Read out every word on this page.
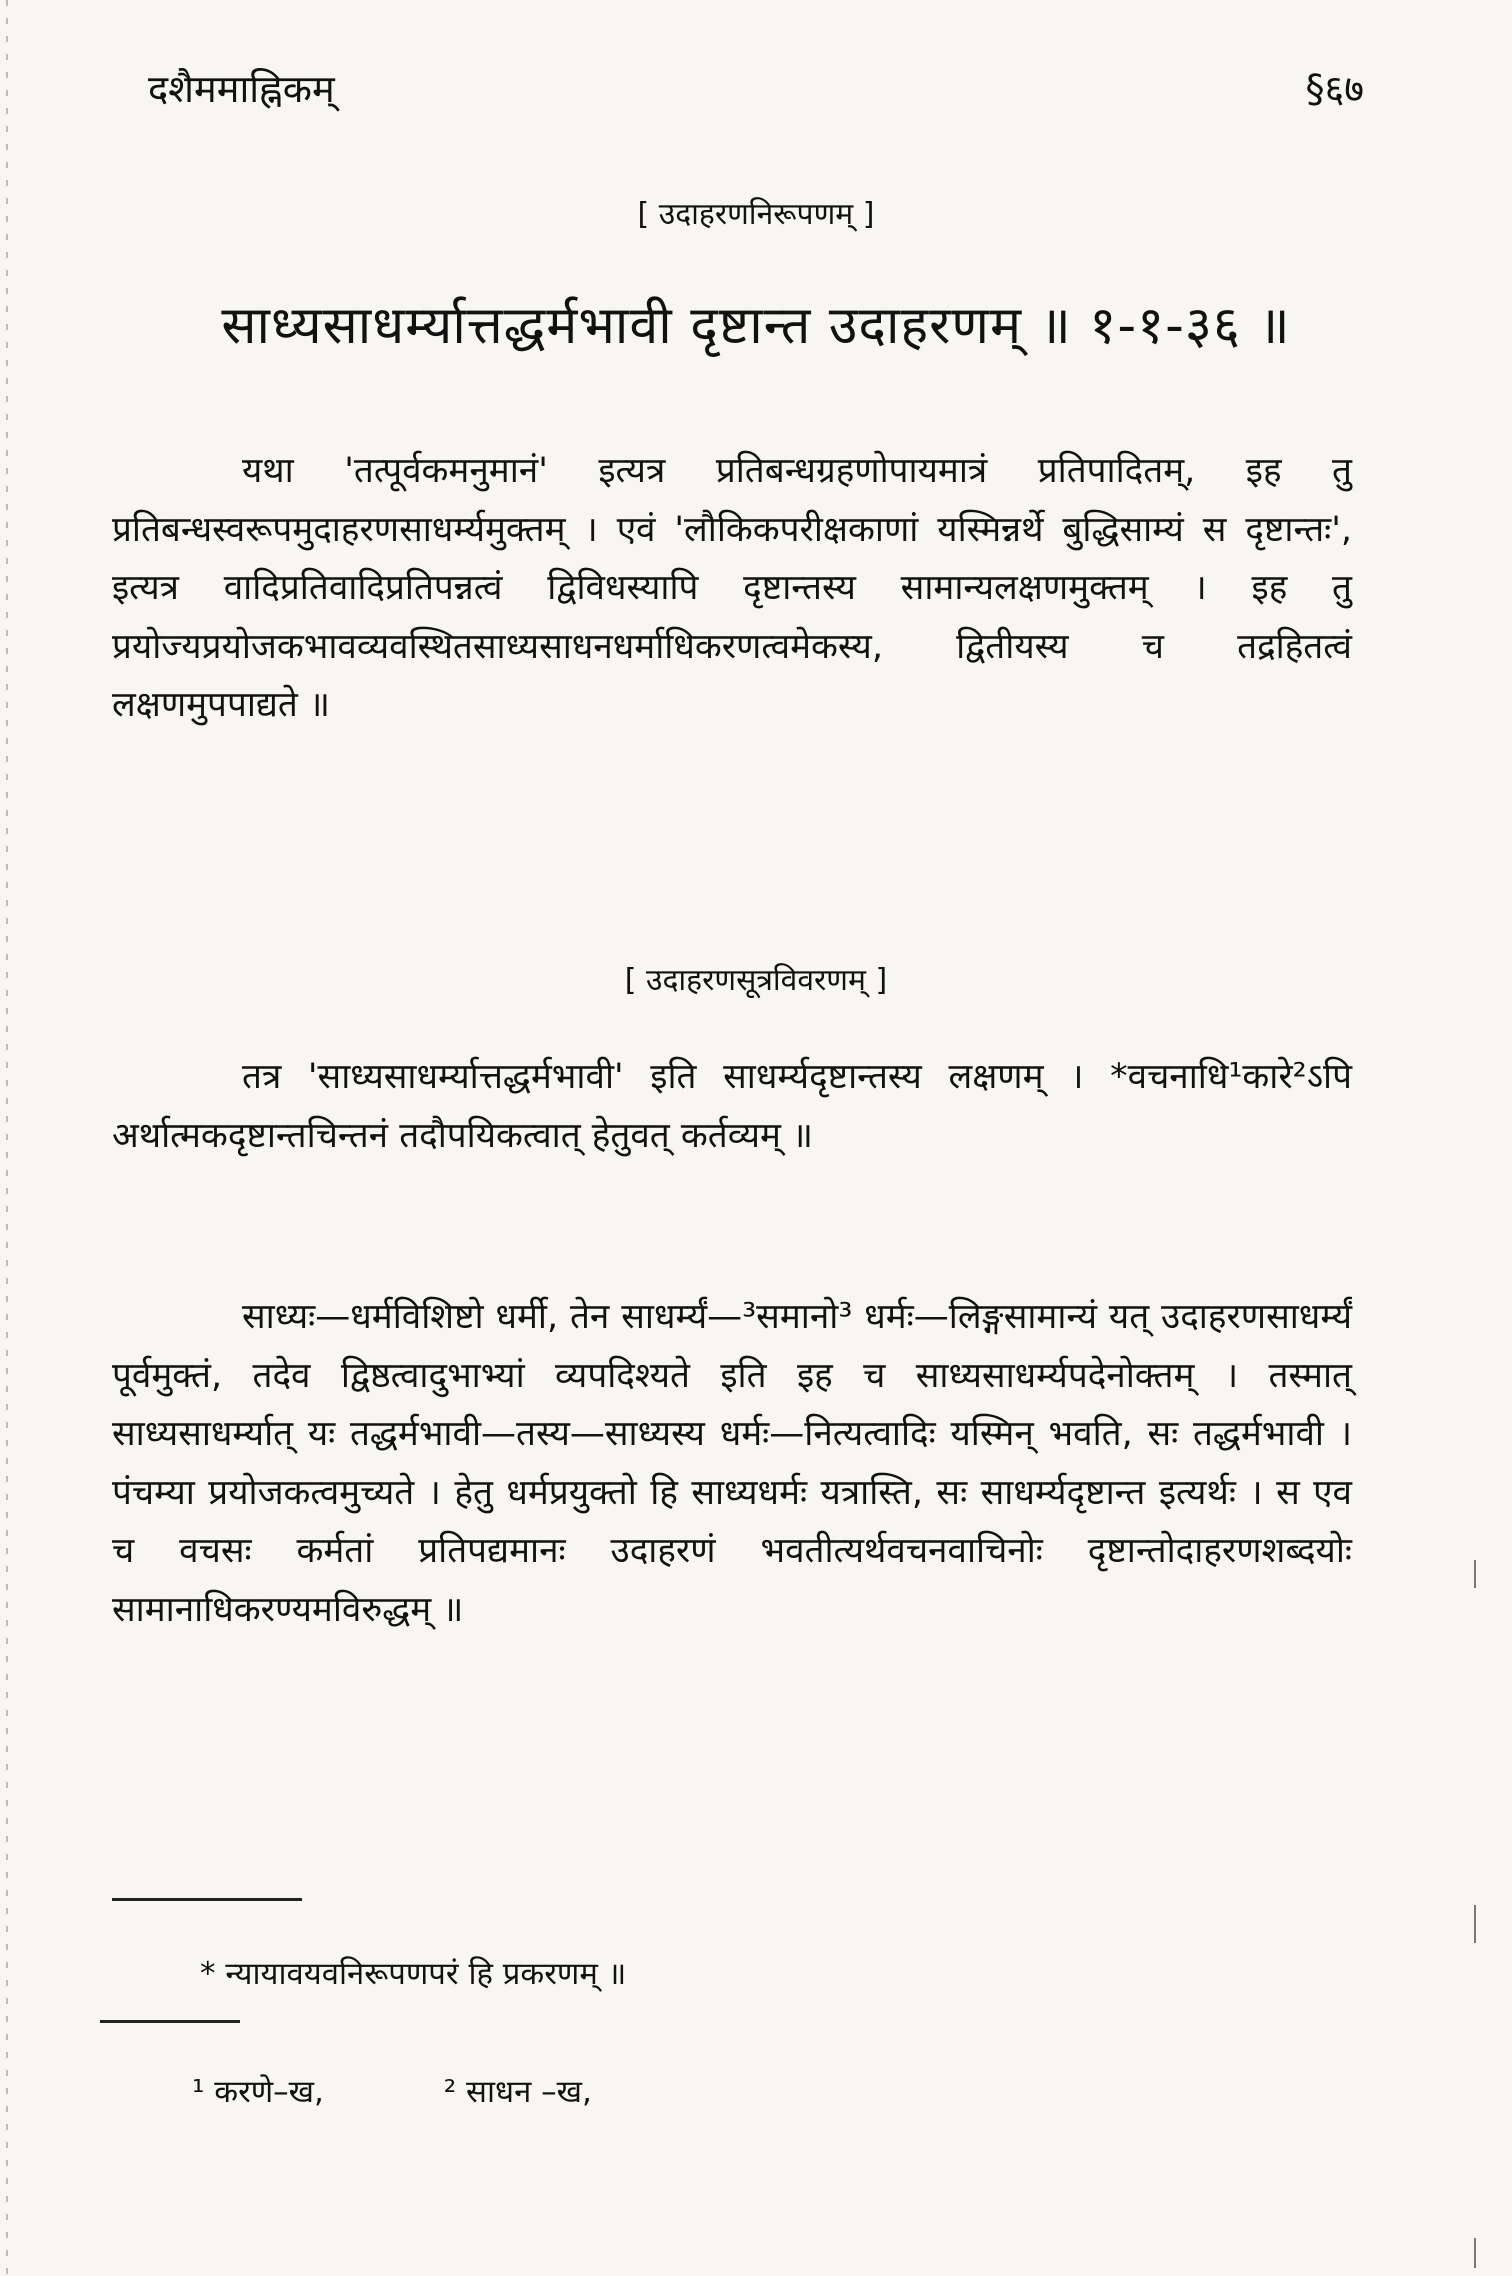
दशैममाह्निकम्	§६७
[ उदाहरणनिरूपणम् ]
साध्यसाधर्म्यात्तद्धर्मभावी दृष्टान्त उदाहरणम् ॥ १-१-३६ ॥

यथा 'तत्पूर्वकमनुमानं' इत्यत्र प्रतिबन्धग्रहणोपायमात्रं प्रतिपादितम्, इह तु प्रतिबन्धस्वरूपमुदाहरणसाधर्म्यमुक्तम् । एवं 'लौकिकपरीक्षकाणां यस्मिन्नर्थे बुद्धिसाम्यं स दृष्टान्तः', इत्यत्र वादिप्रतिवादिप्रतिपन्नत्वं द्विविधस्यापि दृष्टान्तस्य सामान्यलक्षणमुक्तम् । इह तु प्रयोज्यप्रयोजकभावव्यवस्थितसाध्यसाधनधर्माधिकरणत्वमेकस्य, द्वितीयस्य च तद्रहितत्वं लक्षणमुपपाद्यते ॥

[ उदाहरणसूत्रविवरणम् ]

तत्र 'साध्यसाधर्म्यात्तद्धर्मभावी' इति साधर्म्यदृष्टान्तस्य लक्षणम् । *वचनाधि¹कारे²ऽपि अर्थात्मकदृष्टान्तचिन्तनं तदौपयिकत्वात् हेतुवत् कर्तव्यम् ॥

साध्यः—धर्मविशिष्टो धर्मी, तेन साधर्म्यं—³समानो³ धर्मः—लिङ्गसामान्यं यत् उदाहरणसाधर्म्यं पूर्वमुक्तं, तदेव द्विष्ठत्वादुभाभ्यां व्यपदिश्यते इति इह च साध्यसाधर्म्यपदेनोक्तम् । तस्मात् साध्यसाधर्म्यात् यः तद्धर्मभावी—तस्य—साध्यस्य धर्मः—नित्यत्वादिः यस्मिन् भवति, सः तद्धर्मभावी । पंचम्या प्रयोजकत्वमुच्यते । हेतु धर्मप्रयुक्तो हि साध्यधर्मः यत्रास्ति, सः साधर्म्यदृष्टान्त इत्यर्थः । स एव च वचसः कर्मतां प्रतिपद्यमानः उदाहरणं भवतीत्यर्थवचनवाचिनोः दृष्टान्तोदाहरणशब्दयोः सामानाधिकरण्यमविरुद्धम् ॥

* न्यायावयवनिरूपणपरं हि प्रकरणम् ॥
¹ करणे–ख,	² साधन –ख,
